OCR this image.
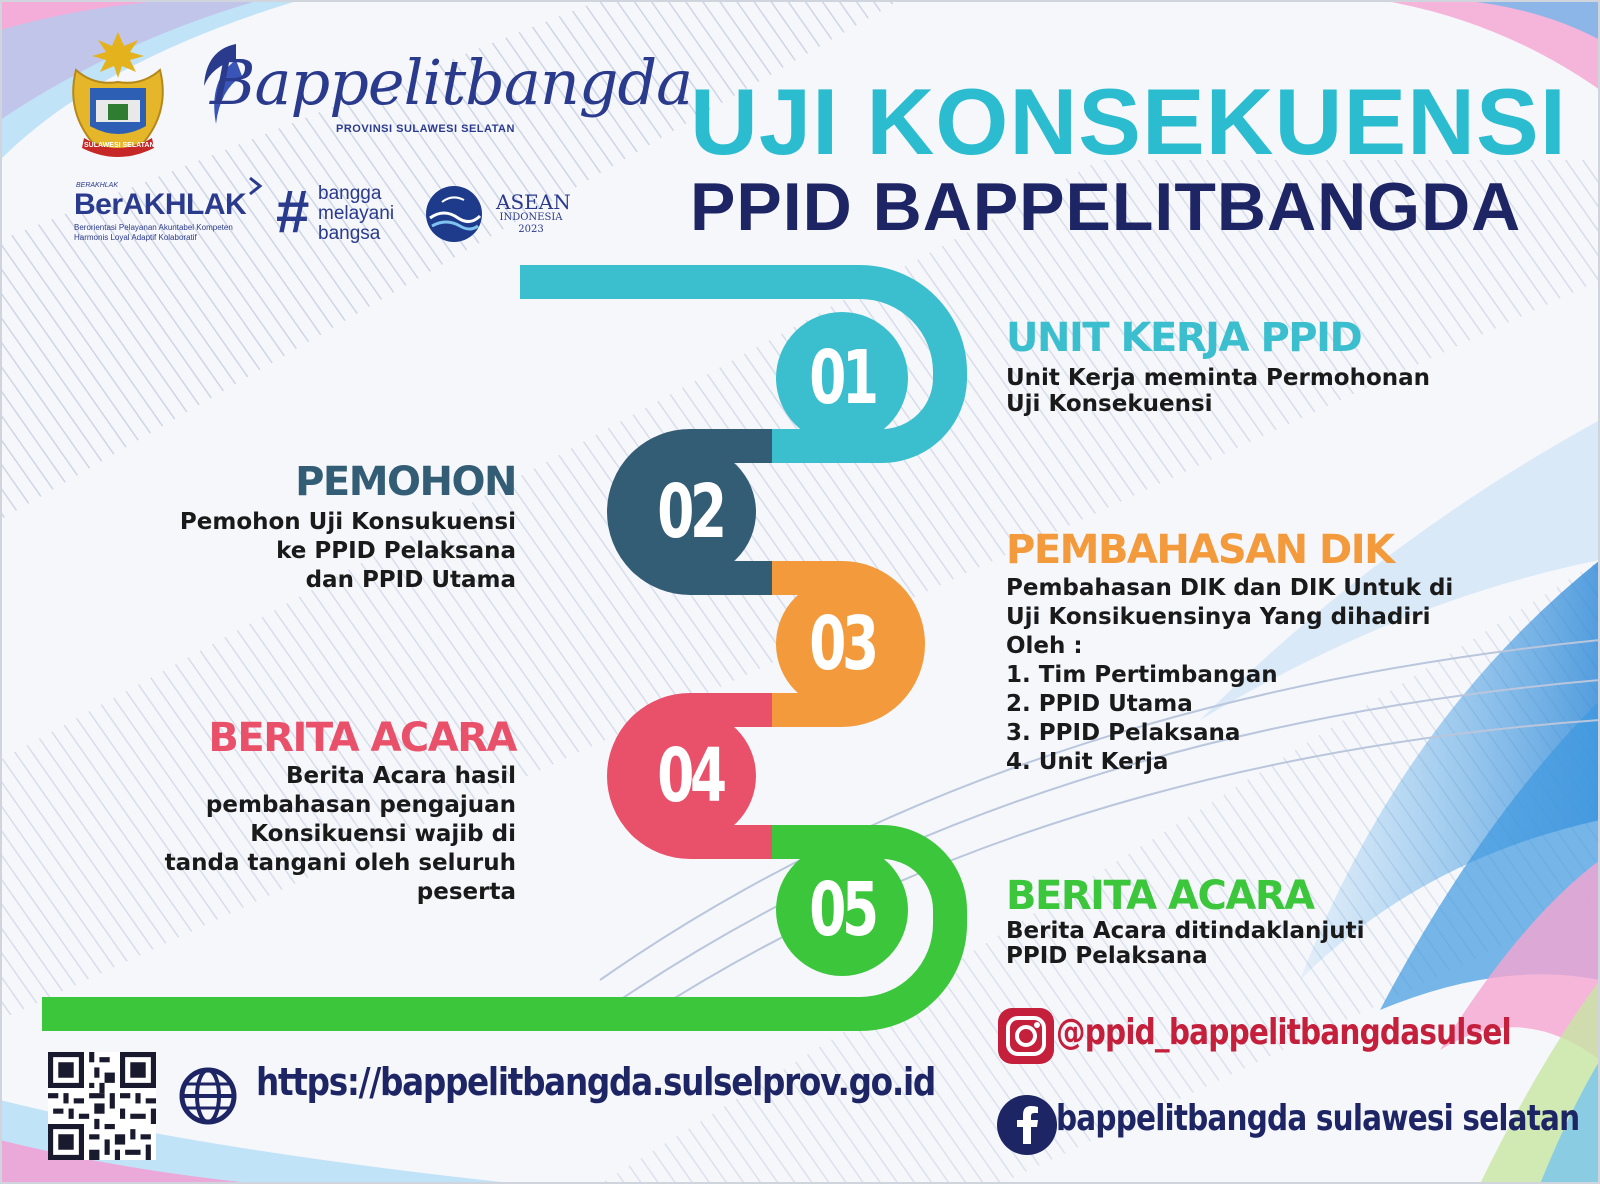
SULAWESI SELATAN
Bappelitbangda
PROVINSI SULAWESI SELATAN
BERAKHLAK
BerAKHLAK
Berorientasi Pelayanan Akuntabel Kompeten
Harmonis Loyal Adaptif Kolaboratif # bangga
melayani
bangsa
ASEAN
INDONESIA
2023
UJI KONSEKUENSI
PPID BAPPELITBANGDA
01
02
03
04
05
UNIT KERJA PPID
Unit Kerja meminta Permohonan
Uji Konsekuensi
PEMOHON
Pemohon Uji Konsukuensi
ke PPID Pelaksana
dan PPID Utama
PEMBAHASAN DIK
Pembahasan DIK dan DIK Untuk di
Uji Konsikuensinya Yang dihadiri
Oleh :
1. Tim Pertimbangan
2. PPID Utama
3. PPID Pelaksana
4. Unit Kerja
BERITA ACARA
Berita Acara hasil
pembahasan pengajuan
Konsikuensi wajib di
tanda tangani oleh seluruh
peserta	BERITA ACARA
Berita Acara ditindaklanjuti
PPID Pelaksana
https://bappelitbangda.sulselprov.go.id
@ppid_bappelitbangdasulsel
bappelitbangda sulawesi selatan
